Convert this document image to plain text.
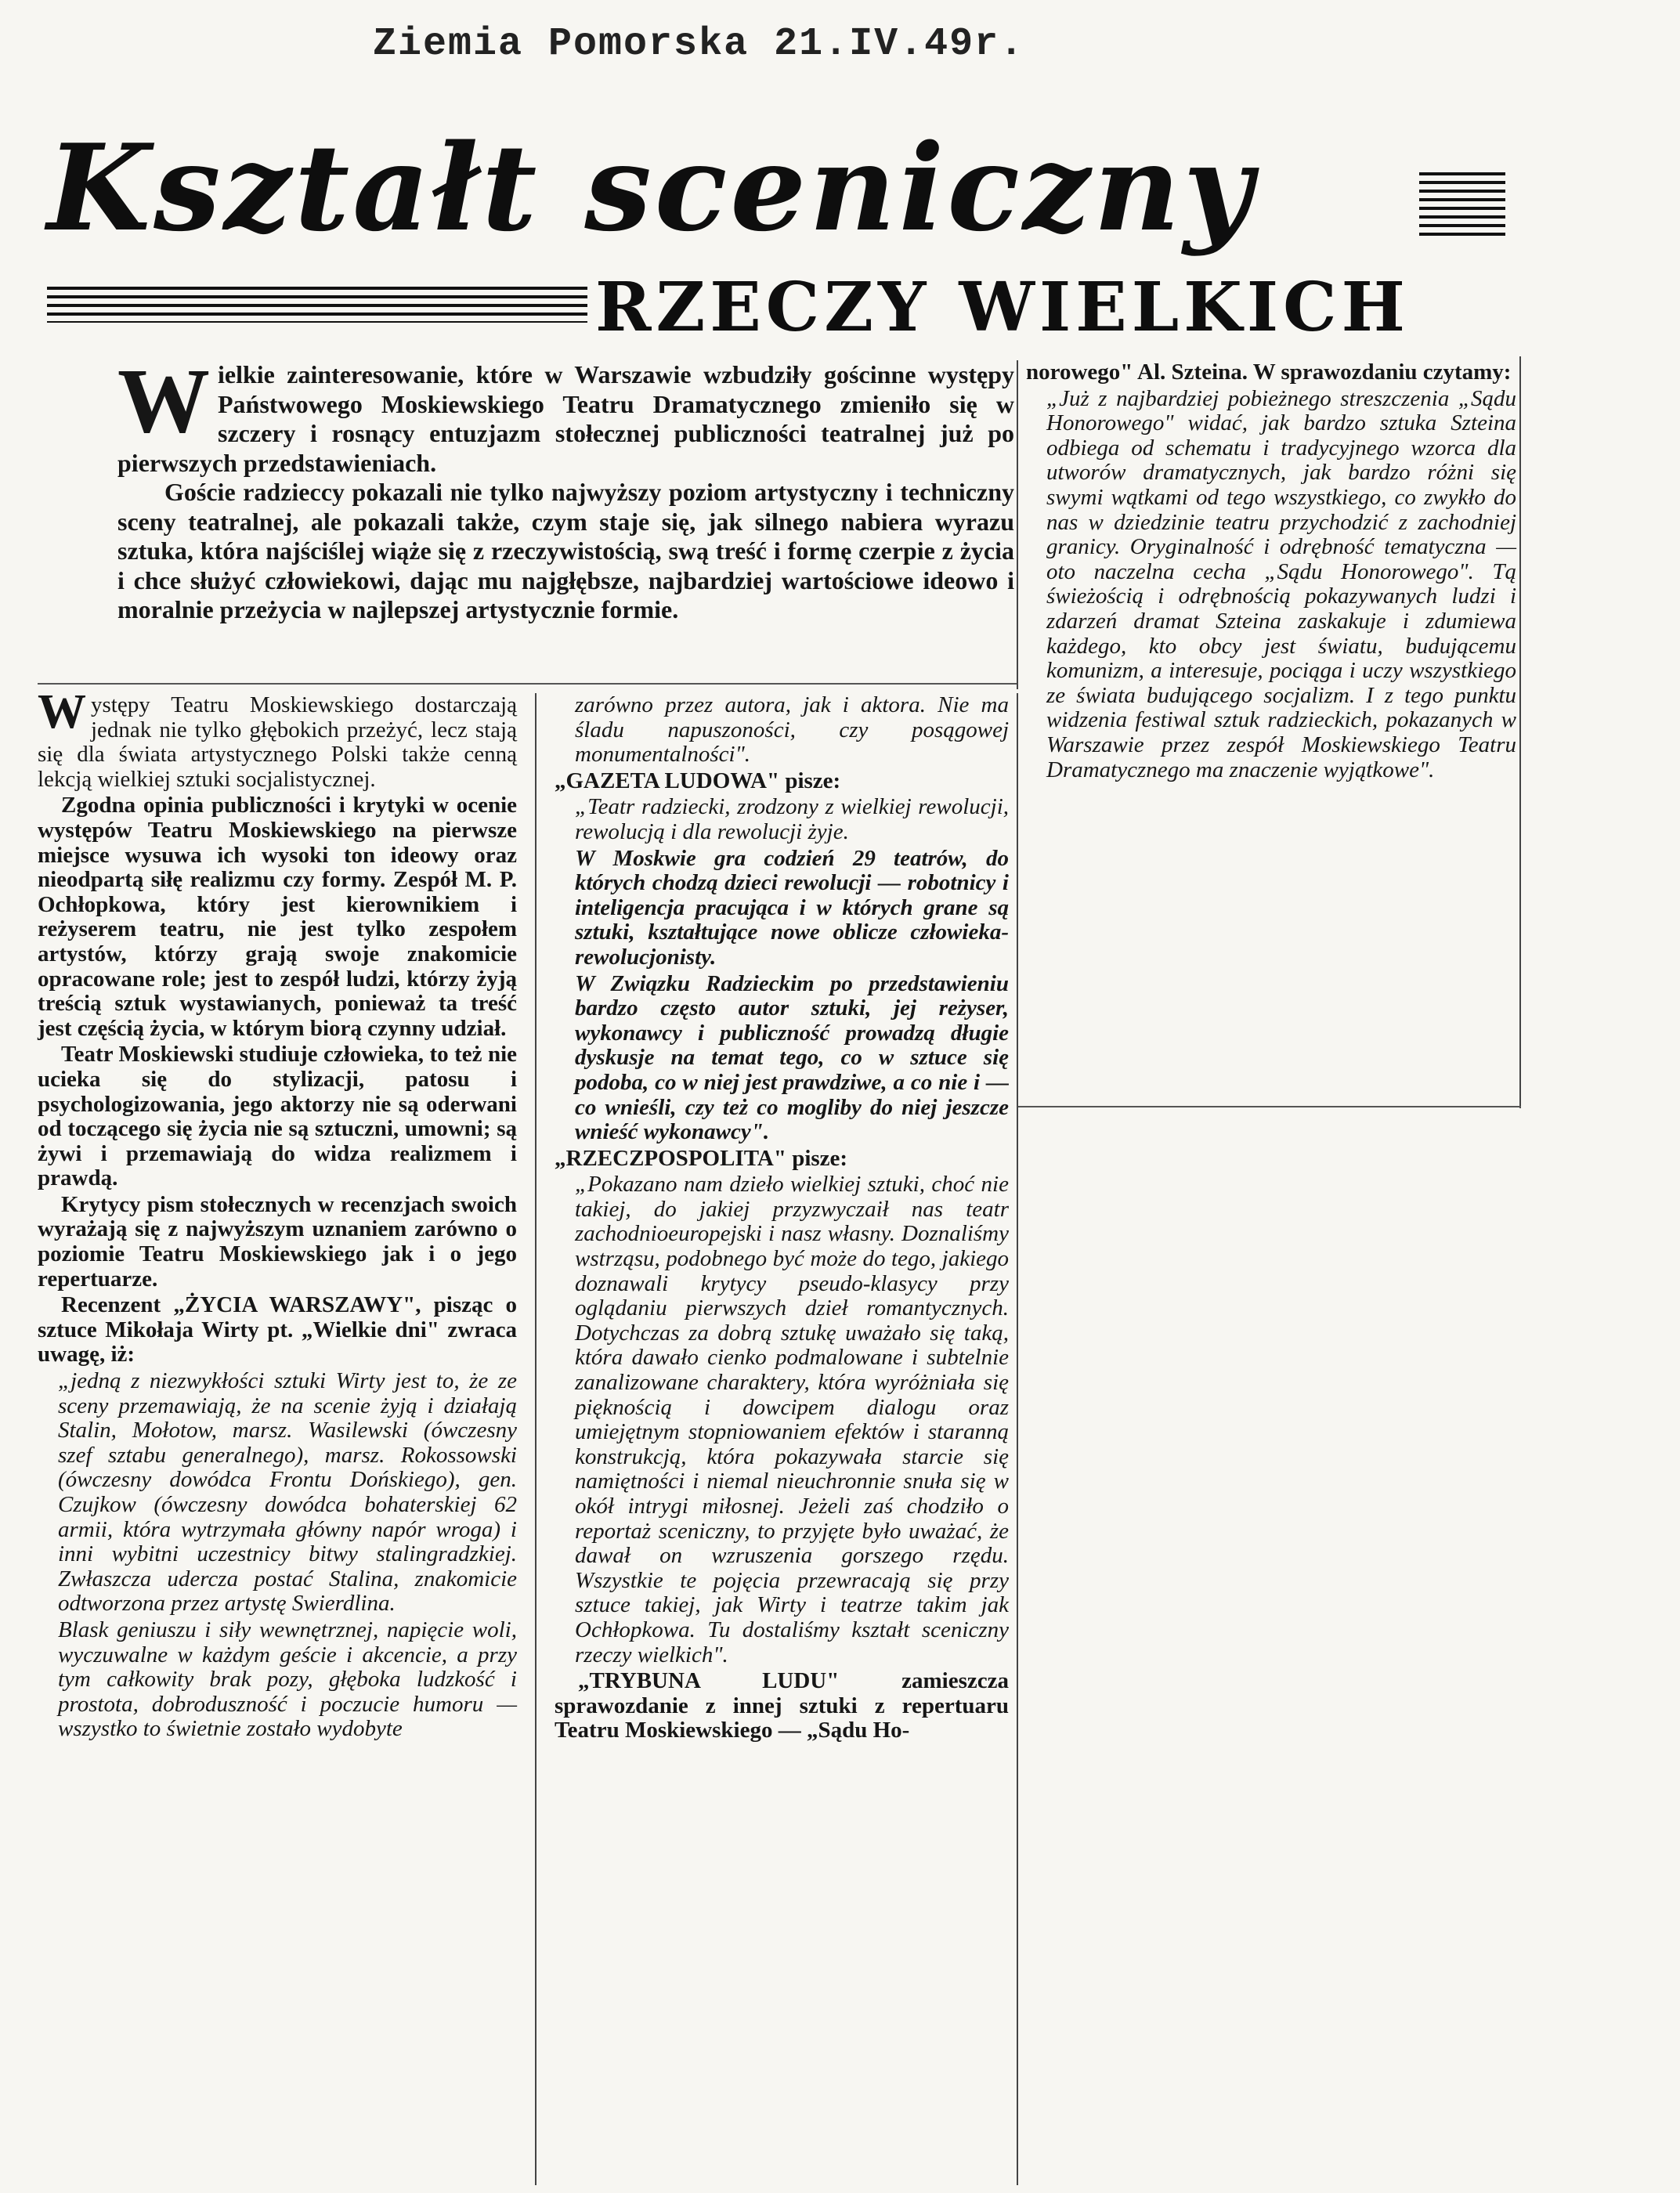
Ziemia Pomorska 21.IV.49r.
Kształt sceniczny
RZECZY WIELKICH

Wielkie zainteresowanie, które w Warszawie wzbudziły gościnne występy Państwowego Moskiewskiego Teatru Dramatycznego zmieniło się w szczery i rosnący entuzjazm stołecznej publiczności teatralnej już po pierwszych przedstawieniach.

Goście radzieccy pokazali nie tylko najwyższy poziom artystyczny i techniczny sceny teatralnej, ale pokazali także, czym staje się, jak silnego nabiera wyrazu sztuka, która najściślej wiąże się z rzeczywistością, swą treść i formę czerpie z życia i chce służyć człowiekowi, dając mu najgłębsze, najbardziej wartościowe ideowo i moralnie przeżycia w najlepszej artystycznie formie.

Występy Teatru Moskiewskiego dostarczają jednak nie tylko głębokich przeżyć, lecz stają się dla świata artystycznego Polski także cenną lekcją wielkiej sztuki socjalistycznej.

Zgodna opinia publiczności i krytyki w ocenie występów Teatru Moskiewskiego na pierwsze miejsce wysuwa ich wysoki ton ideowy oraz nieodpartą siłę realizmu czy formy. Zespół M. P. Ochłopkowa, który jest kierownikiem i reżyserem teatru, nie jest tylko zespołem artystów, którzy grają swoje znakomicie opracowane role; jest to zespół ludzi, którzy żyją treścią sztuk wystawianych, ponieważ ta treść jest częścią życia, w którym biorą czynny udział.

Teatr Moskiewski studiuje człowieka, to też nie ucieka się do stylizacji, patosu i psychologizowania, jego aktorzy nie są oderwani od toczącego się życia nie są sztuczni, umowni; są żywi i przemawiają do widza realizmem i prawdą.

Krytycy pism stołecznych w recenzjach swoich wyrażają się z najwyższym uznaniem zarówno o poziomie Teatru Moskiewskiego jak i o jego repertuarze.

Recenzent „ŻYCIA WARSZAWY", pisząc o sztuce Mikołaja Wirty pt. „Wielkie dni" zwraca uwagę, iż:

„jedną z niezwykłości sztuki Wirty jest to, że ze sceny przemawiają, że na scenie żyją i działają Stalin, Mołotow, marsz. Wasilewski (ówczesny szef sztabu generalnego), marsz. Rokossowski (ówczesny dowódca Frontu Dońskiego), gen. Czujkow (ówczesny dowódca bohaterskiej 62 armii, która wytrzymała główny napór wroga) i inni wybitni uczestnicy bitwy stalingradzkiej. Zwłaszcza udercza postać Stalina, znakomicie odtworzona przez artystę Swierdlina.

Blask geniuszu i siły wewnętrznej, napięcie woli, wyczuwalne w każdym geście i akcencie, a przy tym całkowity brak pozy, głęboka ludzkość i prostota, dobroduszność i poczucie humoru — wszystko to świetnie zostało wydobyte

zarówno przez autora, jak i aktora. Nie ma śladu napuszoności, czy posągowej monumentalności".

„GAZETA LUDOWA" pisze:

„Teatr radziecki, zrodzony z wielkiej rewolucji, rewolucją i dla rewolucji żyje.

W Moskwie gra codzień 29 teatrów, do których chodzą dzieci rewolucji — robotnicy i inteligencja pracująca i w których grane są sztuki, kształtujące nowe oblicze człowieka-rewolucjonisty.

W Związku Radzieckim po przedstawieniu bardzo często autor sztuki, jej reżyser, wykonawcy i publiczność prowadzą długie dyskusje na temat tego, co w sztuce się podoba, co w niej jest prawdziwe, a co nie i — co wnieśli, czy też co mogliby do niej jeszcze wnieść wykonawcy".

„RZECZPOSPOLITA" pisze:

„Pokazano nam dzieło wielkiej sztuki, choć nie takiej, do jakiej przyzwyczaił nas teatr zachodnioeuropejski i nasz własny. Doznaliśmy wstrząsu, podobnego być może do tego, jakiego doznawali krytycy pseudo-klasycy przy oglądaniu pierwszych dzieł romantycznych. Dotychczas za dobrą sztukę uważało się taką, która dawało cienko podmalowane i subtelnie zanalizowane charaktery, która wyróżniała się pięknością i dowcipem dialogu oraz umiejętnym stopniowaniem efektów i staranną konstrukcją, która pokazywała starcie się namiętności i niemal nieuchronnie snuła się w okół intrygi miłosnej. Jeżeli zaś chodziło o reportaż sceniczny, to przyjęte było uważać, że dawał on wzruszenia gorszego rzędu. Wszystkie te pojęcia przewracają się przy sztuce takiej, jak Wirty i teatrze takim jak Ochłopkowa. Tu dostaliśmy kształt sceniczny rzeczy wielkich".

„TRYBUNA LUDU" zamieszcza sprawozdanie z innej sztuki z repertuaru Teatru Moskiewskiego — „Sądu Ho-

norowego" Al. Szteina. W sprawozdaniu czytamy:

„Już z najbardziej pobieżnego streszczenia „Sądu Honorowego" widać, jak bardzo sztuka Szteina odbiega od schematu i tradycyjnego wzorca dla utworów dramatycznych, jak bardzo różni się swymi wątkami od tego wszystkiego, co zwykło do nas w dziedzinie teatru przychodzić z zachodniej granicy. Oryginalność i odrębność tematyczna — oto naczelna cecha „Sądu Honorowego". Tą świeżością i odrębnością pokazywanych ludzi i zdarzeń dramat Szteina zaskakuje i zdumiewa każdego, kto obcy jest światu, budującemu komunizm, a interesuje, pociąga i uczy wszystkiego ze świata budującego socjalizm. I z tego punktu widzenia festiwal sztuk radzieckich, pokazanych w Warszawie przez zespół Moskiewskiego Teatru Dramatycznego ma znaczenie wyjątkowe".
